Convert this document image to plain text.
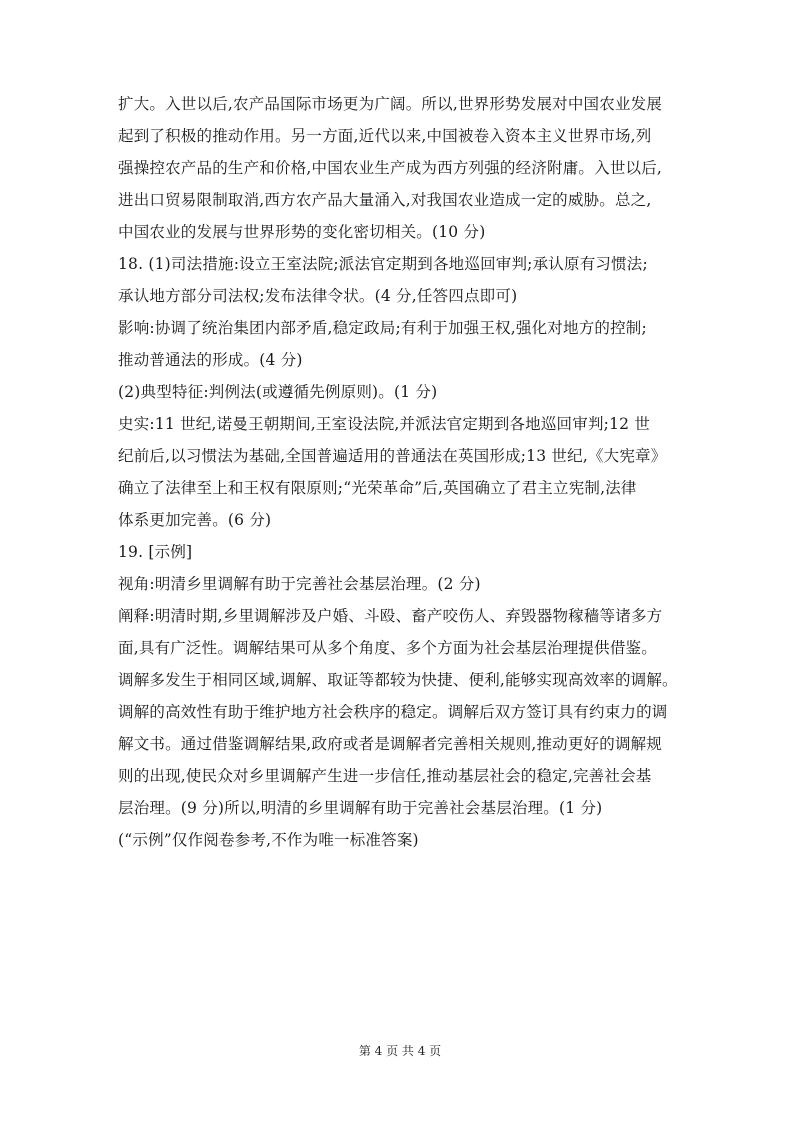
扩大。入世以后,农产品国际市场更为广阔。所以,世界形势发展对中国农业发展
起到了积极的推动作用。另一方面,近代以来,中国被卷入资本主义世界市场,列
强操控农产品的生产和价格,中国农业生产成为西方列强的经济附庸。入世以后,
进出口贸易限制取消,西方农产品大量涌入,对我国农业造成一定的威胁。总之,
中国农业的发展与世界形势的变化密切相关。(10 分)
18. (1)司法措施:设立王室法院;派法官定期到各地巡回审判;承认原有习惯法;
承认地方部分司法权;发布法律令状。(4 分,任答四点即可)
影响:协调了统治集团内部矛盾,稳定政局;有利于加强王权,强化对地方的控制;
推动普通法的形成。(4 分)
(2)典型特征:判例法(或遵循先例原则)。(1 分)
史实:11 世纪,诺曼王朝期间,王室设法院,并派法官定期到各地巡回审判;12 世
纪前后,以习惯法为基础,全国普遍适用的普通法在英国形成;13 世纪,《大宪章》
确立了法律至上和王权有限原则;“光荣革命”后,英国确立了君主立宪制,法律
体系更加完善。(6 分)
19. [示例]
视角:明清乡里调解有助于完善社会基层治理。(2 分)
阐释:明清时期,乡里调解涉及户婚、斗殴、畜产咬伤人、弃毁器物稼穑等诸多方
面,具有广泛性。调解结果可从多个角度、多个方面为社会基层治理提供借鉴。
调解多发生于相同区域,调解、取证等都较为快捷、便利,能够实现高效率的调解。
调解的高效性有助于维护地方社会秩序的稳定。调解后双方签订具有约束力的调
解文书。通过借鉴调解结果,政府或者是调解者完善相关规则,推动更好的调解规
则的出现,使民众对乡里调解产生进一步信任,推动基层社会的稳定,完善社会基
层治理。(9 分)所以,明清的乡里调解有助于完善社会基层治理。(1 分)
(“示例”仅作阅卷参考,不作为唯一标准答案)
第 4 页 共 4 页
